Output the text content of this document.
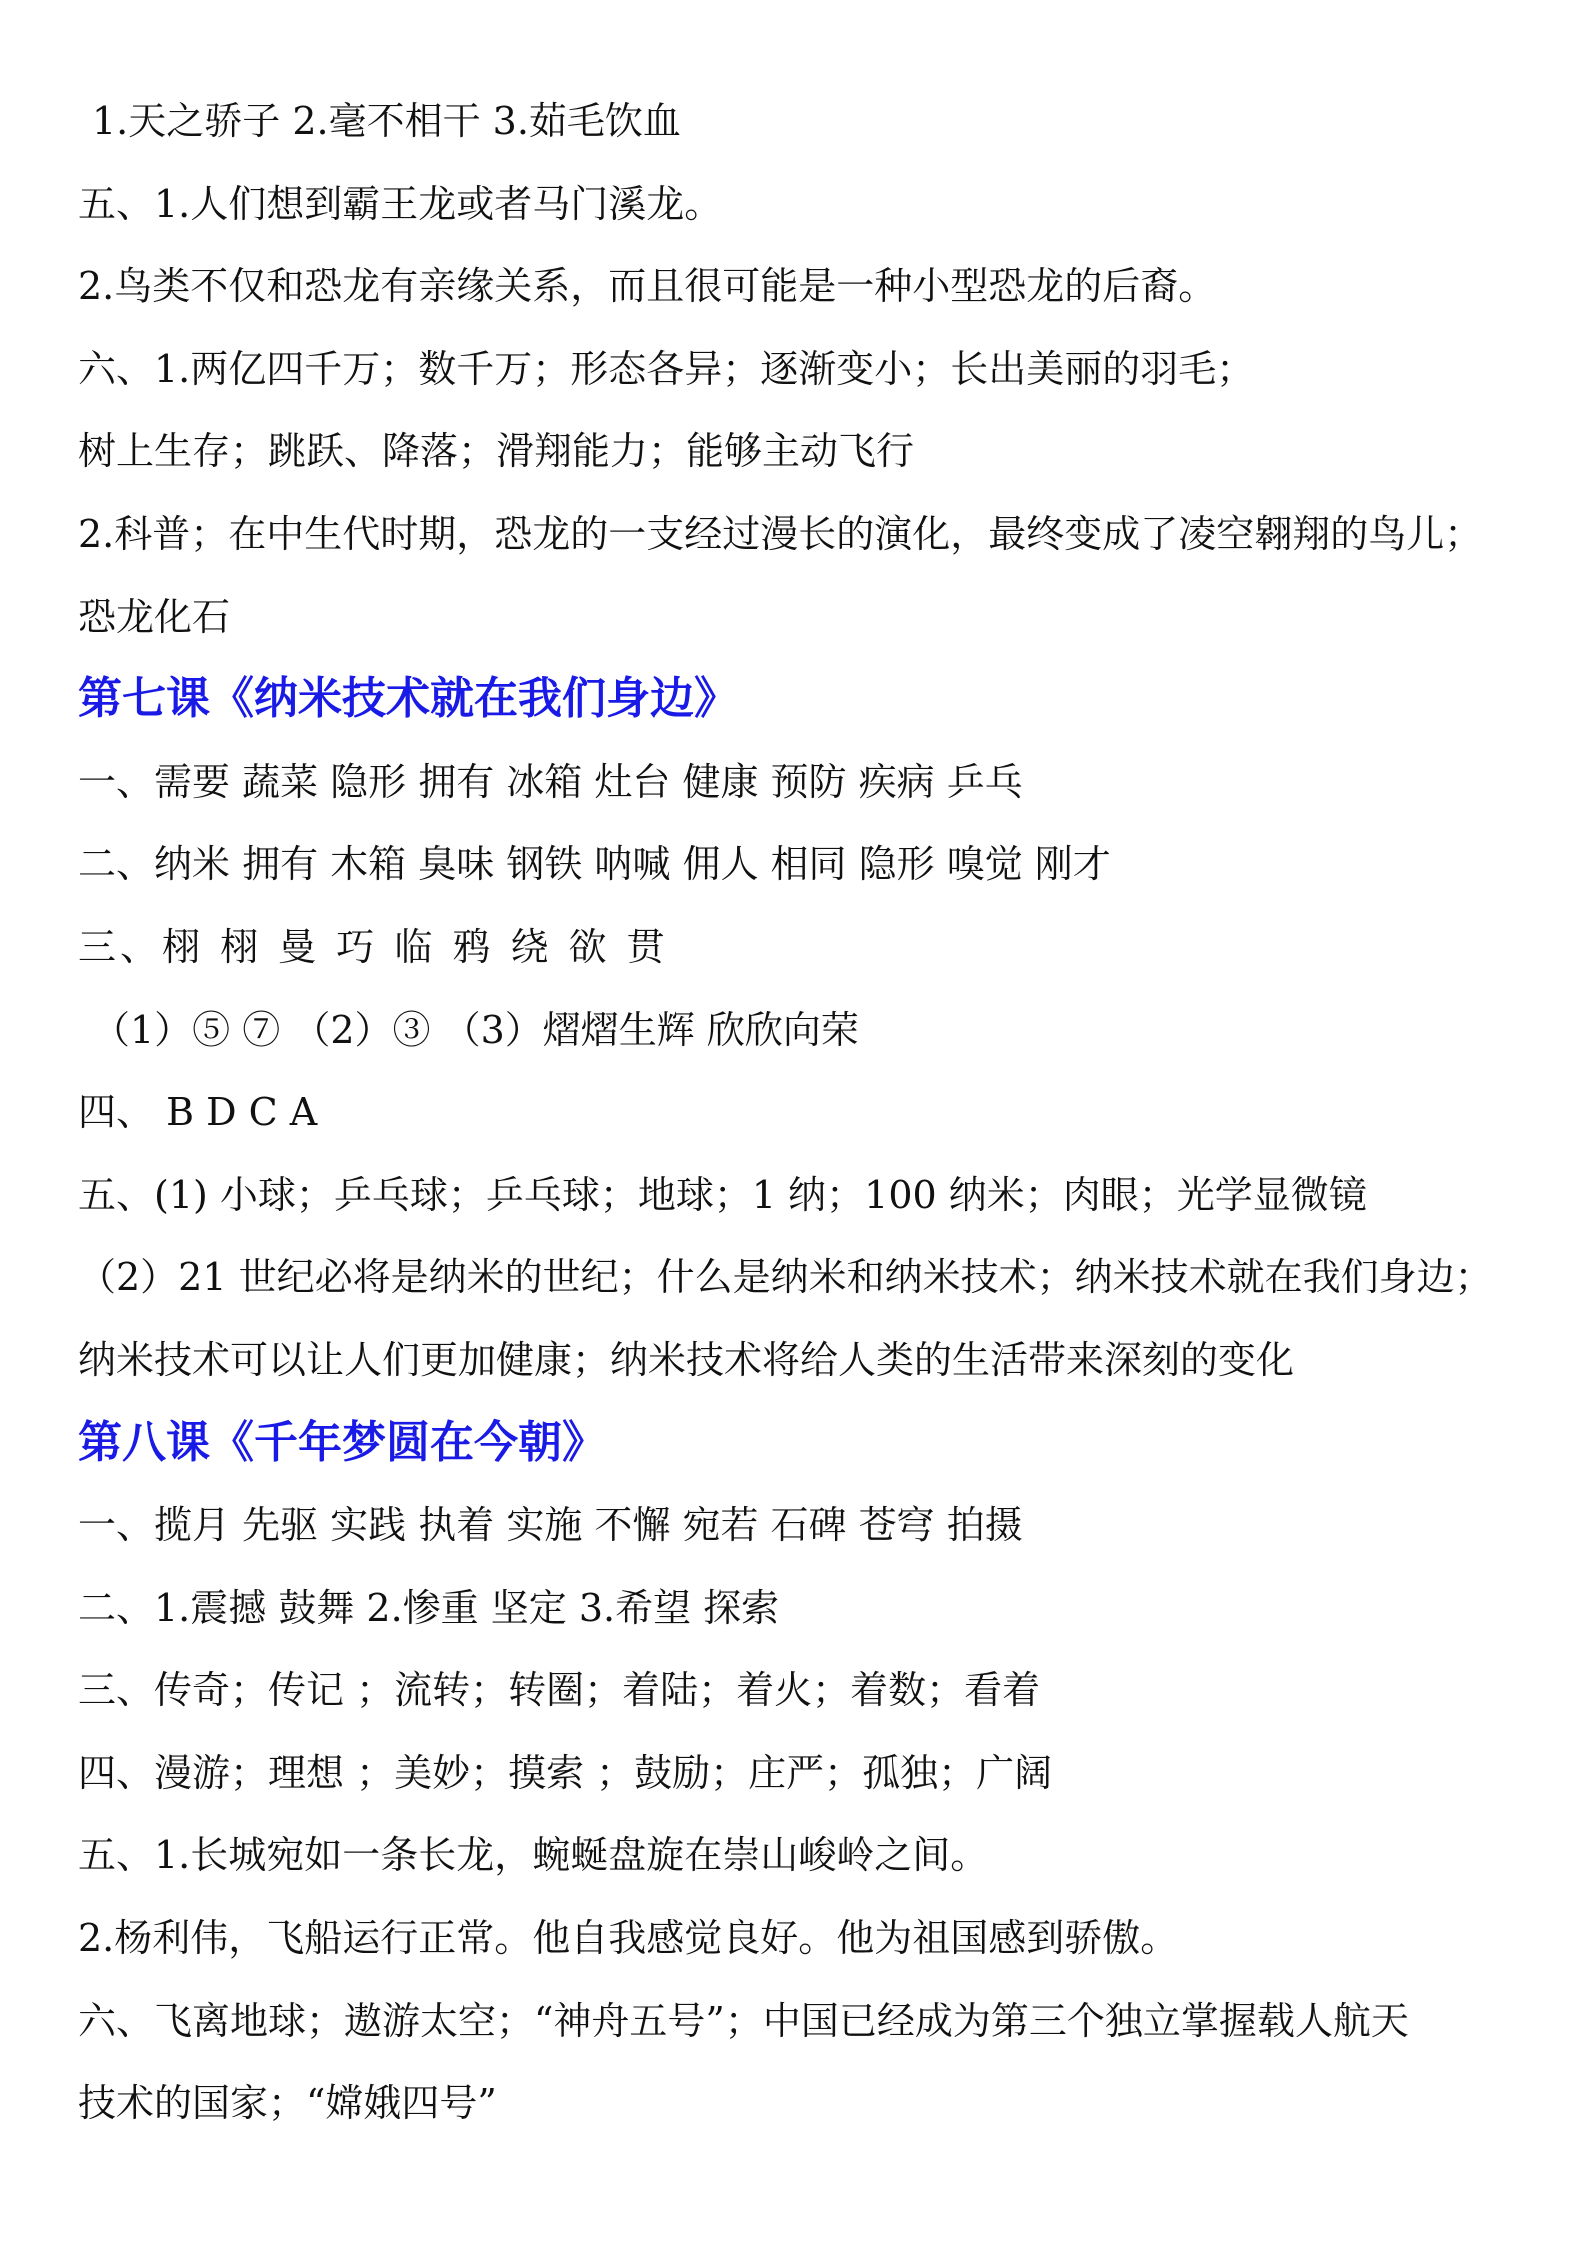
1.天之骄子 2.毫不相干 3.茹毛饮血
五、1.人们想到霸王龙或者马门溪龙。
2.鸟类不仅和恐龙有亲缘关系，而且很可能是一种小型恐龙的后裔。
六、1.两亿四千万；数千万；形态各异；逐渐变小；长出美丽的羽毛；
树上生存；跳跃、降落；滑翔能力；能够主动飞行
2.科普；在中生代时期，恐龙的一支经过漫长的演化，最终变成了凌空翱翔的鸟儿；
恐龙化石
第七课《纳米技术就在我们身边》
一、需要 蔬菜 隐形 拥有 冰箱 灶台 健康 预防 疾病 乒乓
二、纳米 拥有 木箱 臭味 钢铁 呐喊 佣人 相同 隐形 嗅觉 刚才
三、栩 栩 曼 巧 临 鸦 绕 欲 贯
（1）⑤ ⑦ （2）③ （3）熠熠生辉 欣欣向荣
四、 B D C A
五、(1) 小球；乒乓球；乒乓球；地球；1 纳；100 纳米；肉眼；光学显微镜
（2）21 世纪必将是纳米的世纪；什么是纳米和纳米技术；纳米技术就在我们身边；
纳米技术可以让人们更加健康；纳米技术将给人类的生活带来深刻的变化
第八课《千年梦圆在今朝》
一、揽月 先驱 实践 执着 实施 不懈 宛若 石碑 苍穹 拍摄
二、1.震撼 鼓舞 2.惨重 坚定 3.希望 探索
三、传奇；传记 ；流转；转圈；着陆；着火；着数；看着
四、漫游；理想 ；美妙；摸索 ；鼓励；庄严；孤独；广阔
五、1.长城宛如一条长龙，蜿蜒盘旋在崇山峻岭之间。
2.杨利伟，飞船运行正常。他自我感觉良好。他为祖国感到骄傲。
六、飞离地球；遨游太空；“神舟五号”；中国已经成为第三个独立掌握载人航天
技术的国家；“嫦娥四号”
